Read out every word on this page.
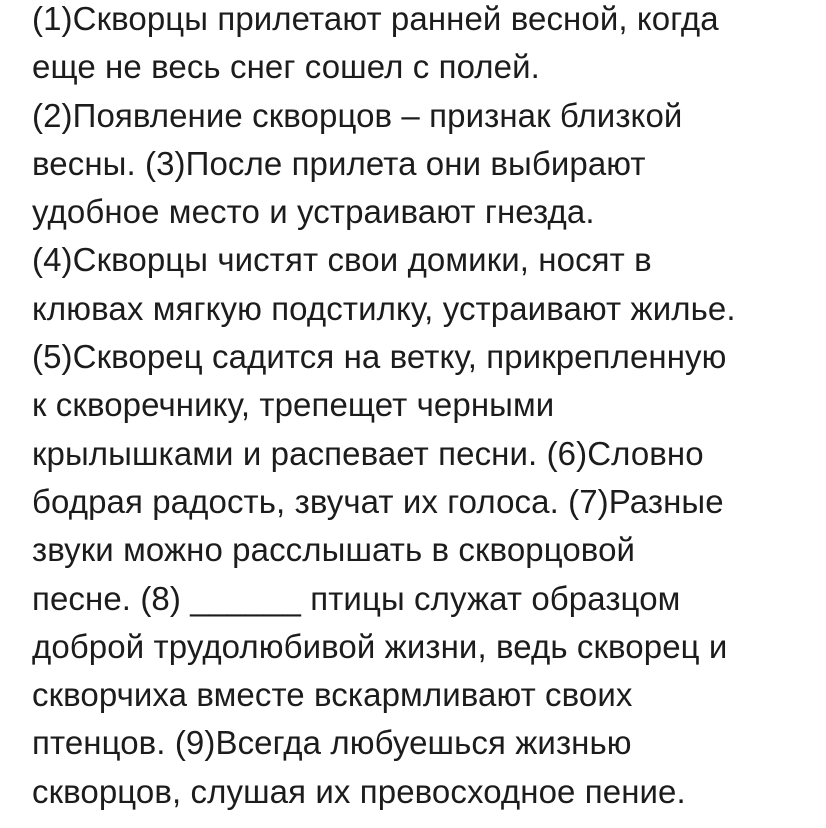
(1)Скворцы прилетают ранней весной, когда
еще не весь снег сошел с полей.
(2)Появление скворцов – признак близкой
весны. (3)После прилета они выбирают
удобное место и устраивают гнезда.
(4)Скворцы чистят свои домики, носят в
клювах мягкую подстилку, устраивают жилье.
(5)Скворец садится на ветку, прикрепленную
к скворечнику, трепещет черными
крылышками и распевает песни. (6)Словно
бодрая радость, звучат их голоса. (7)Разные
звуки можно расслышать в скворцовой
песне. (8) ______ птицы служат образцом
доброй трудолюбивой жизни, ведь скворец и
скворчиха вместе вскармливают своих
птенцов. (9)Всегда любуешься жизнью
скворцов, слушая их превосходное пение.
